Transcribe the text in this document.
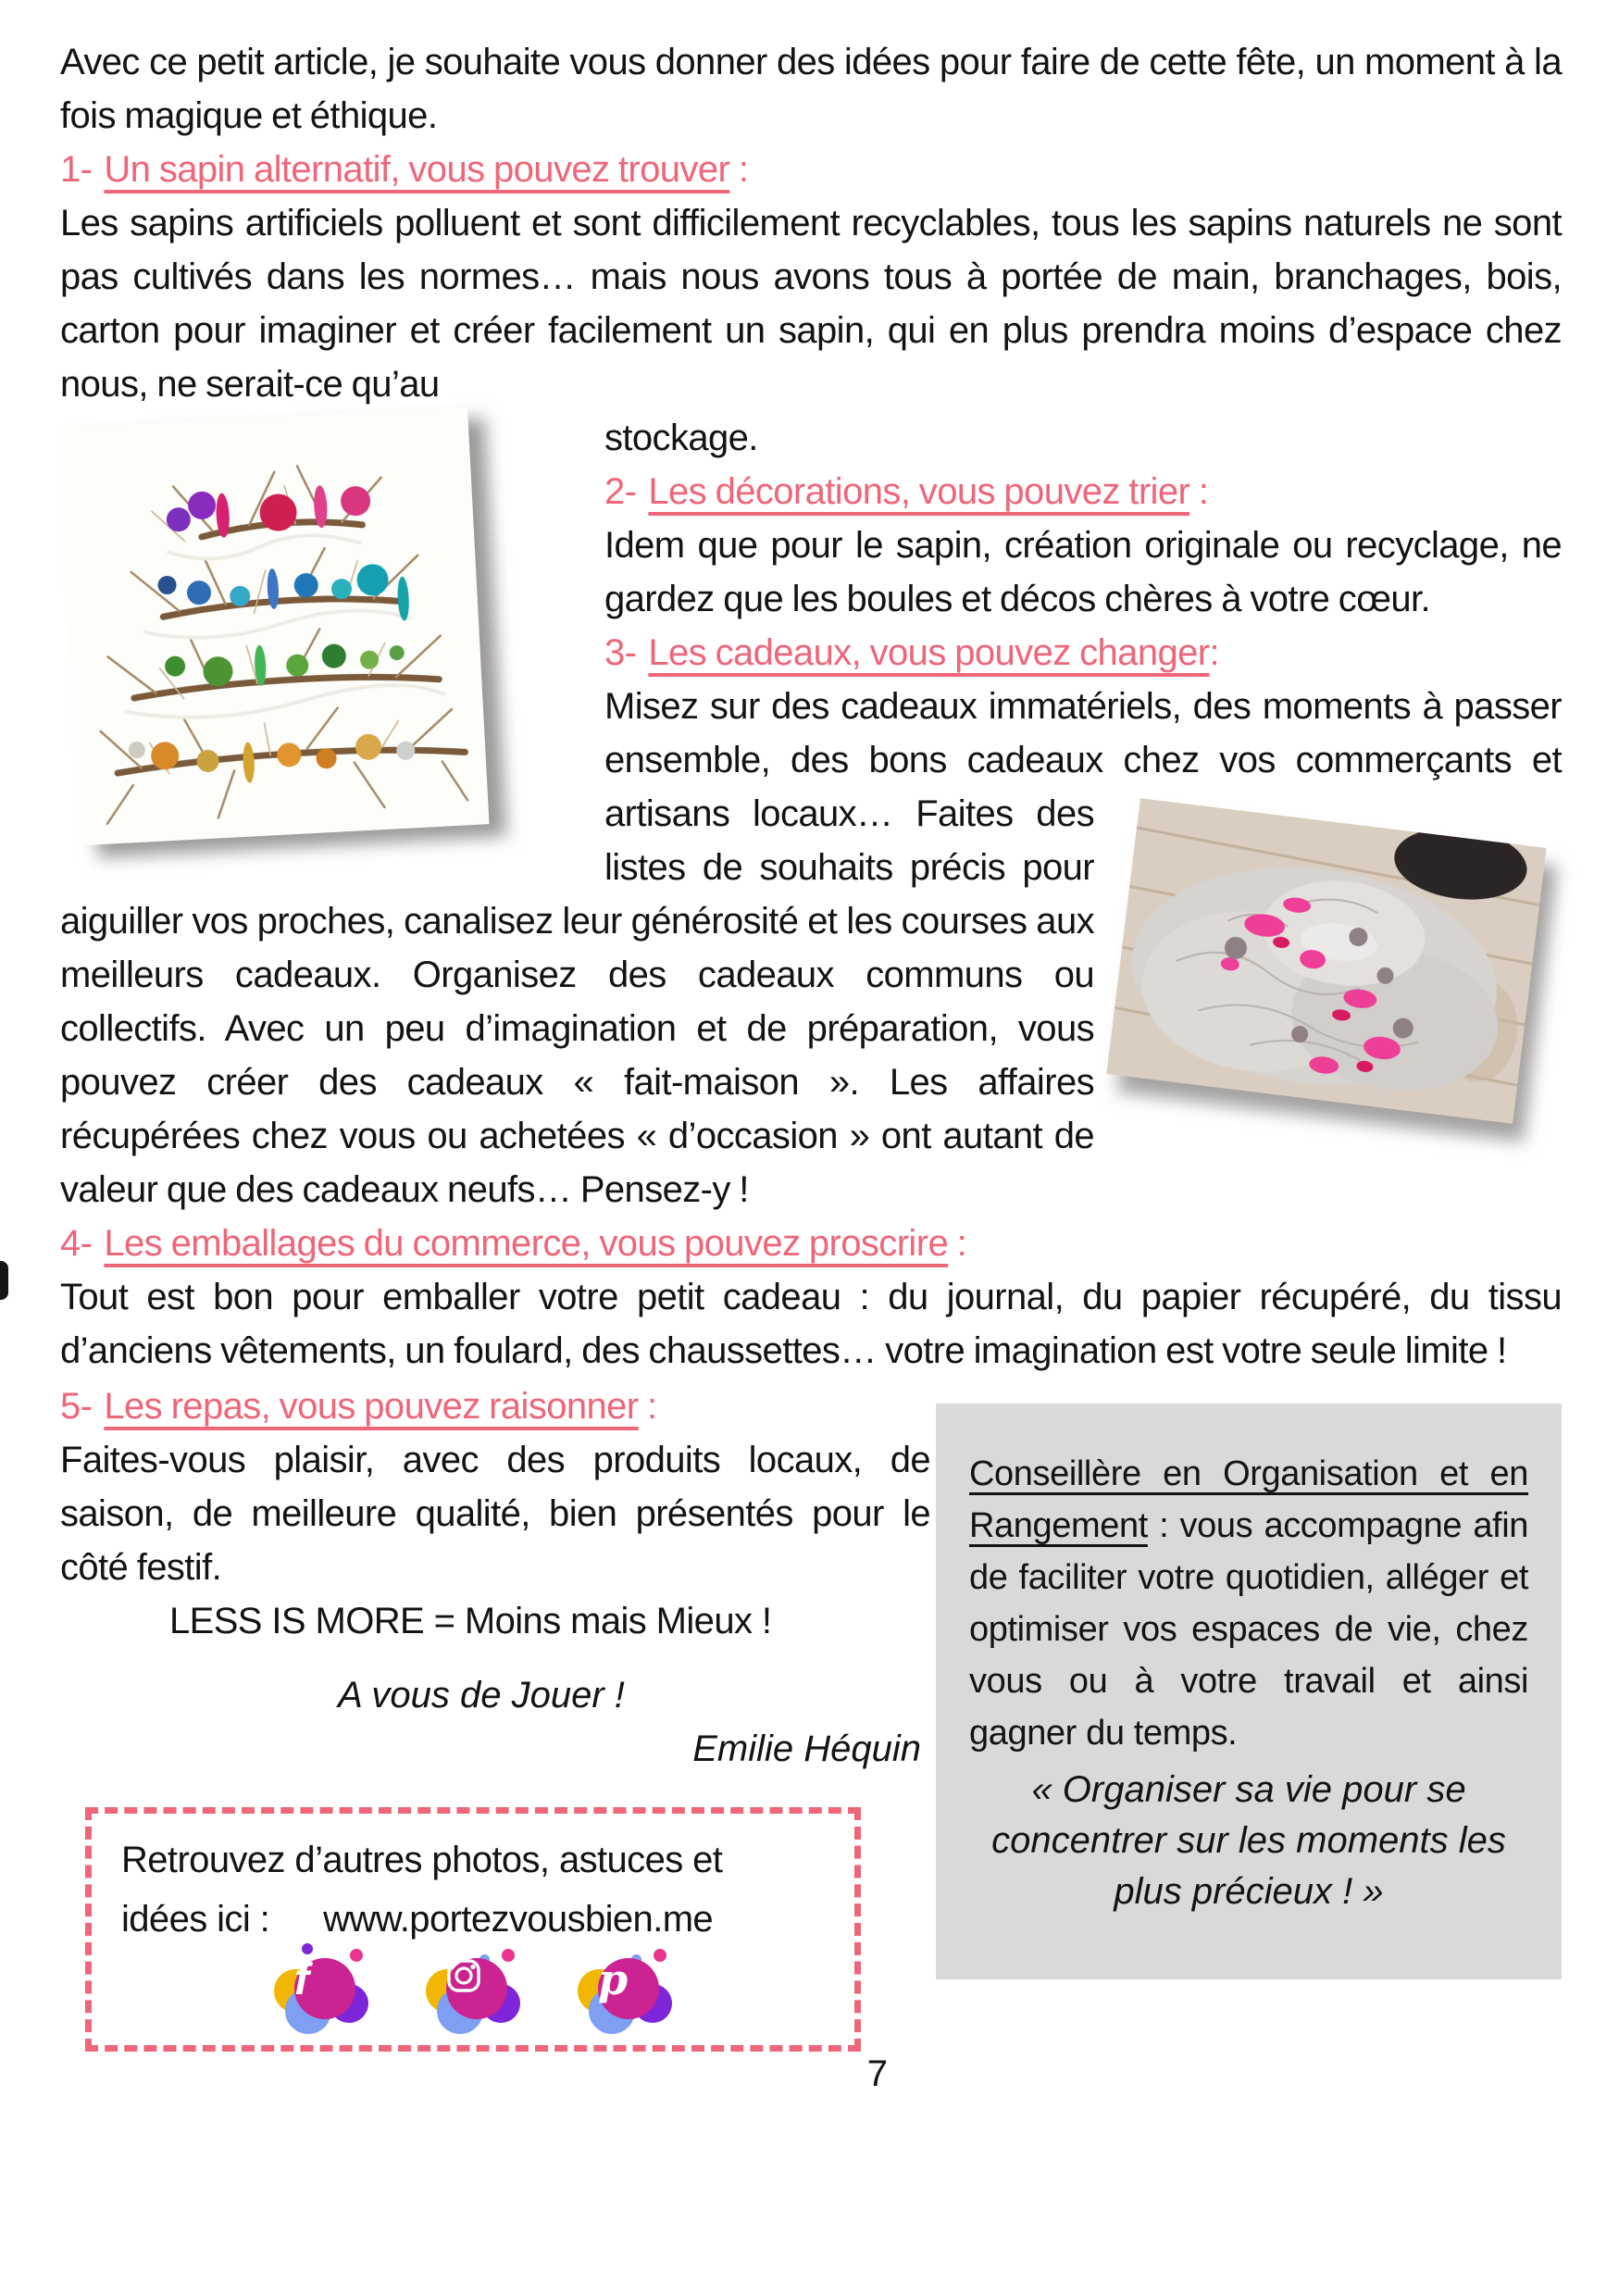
Avec ce petit article, je souhaite vous donner des idées pour faire de cette fête, un moment à la fois magique et éthique.

1- Un sapin alternatif, vous pouvez trouver :

Les sapins artificiels polluent et sont difficilement recyclables, tous les sapins naturels ne sont pas cultivés dans les normes… mais nous avons tous à portée de main, branchages, bois, carton pour imaginer et créer facilement un sapin, qui en plus prendra moins d’espace chez nous, ne serait-ce qu’au

stockage.

2- Les décorations, vous pouvez trier :

Idem que pour le sapin, création originale ou recyclage, ne gardez que les boules et décos chères à votre cœur.

3- Les cadeaux, vous pouvez changer:

Misez sur des cadeaux immatériels, des moments à passer ensemble, des bons cadeaux chez vos commerçants et artisans locaux… Faites des listes de souhaits précis pour aiguiller vos proches, canalisez leur générosité et les courses aux meilleurs cadeaux. Organisez des cadeaux communs ou collectifs. Avec un peu d’imagination et de préparation, vous pouvez créer des cadeaux « fait-maison ». Les affaires récupérées chez vous ou achetées « d’occasion » ont autant de valeur que des cadeaux neufs… Pensez-y !

4- Les emballages du commerce, vous pouvez proscrire :

Tout est bon pour emballer votre petit cadeau : du journal, du papier récupéré, du tissu d’anciens vêtements, un foulard, des chaussettes… votre imagination est votre seule limite !

5- Les repas, vous pouvez raisonner :

Faites-vous plaisir, avec des produits locaux, de saison, de meilleure qualité, bien présentés pour le côté festif.

LESS IS MORE = Moins mais Mieux !

A vous de Jouer !

Emilie Héquin

Retrouvez d’autres photos, astuces et

idées ici : www.portezvousbien.me

f	p
7

Conseillère en Organisation et en Rangement : vous accompagne afin de faciliter votre quotidien, alléger et optimiser vos espaces de vie, chez vous ou à votre travail et ainsi gagner du temps.

« Organiser sa vie pour se concentrer sur les moments les plus précieux ! »
